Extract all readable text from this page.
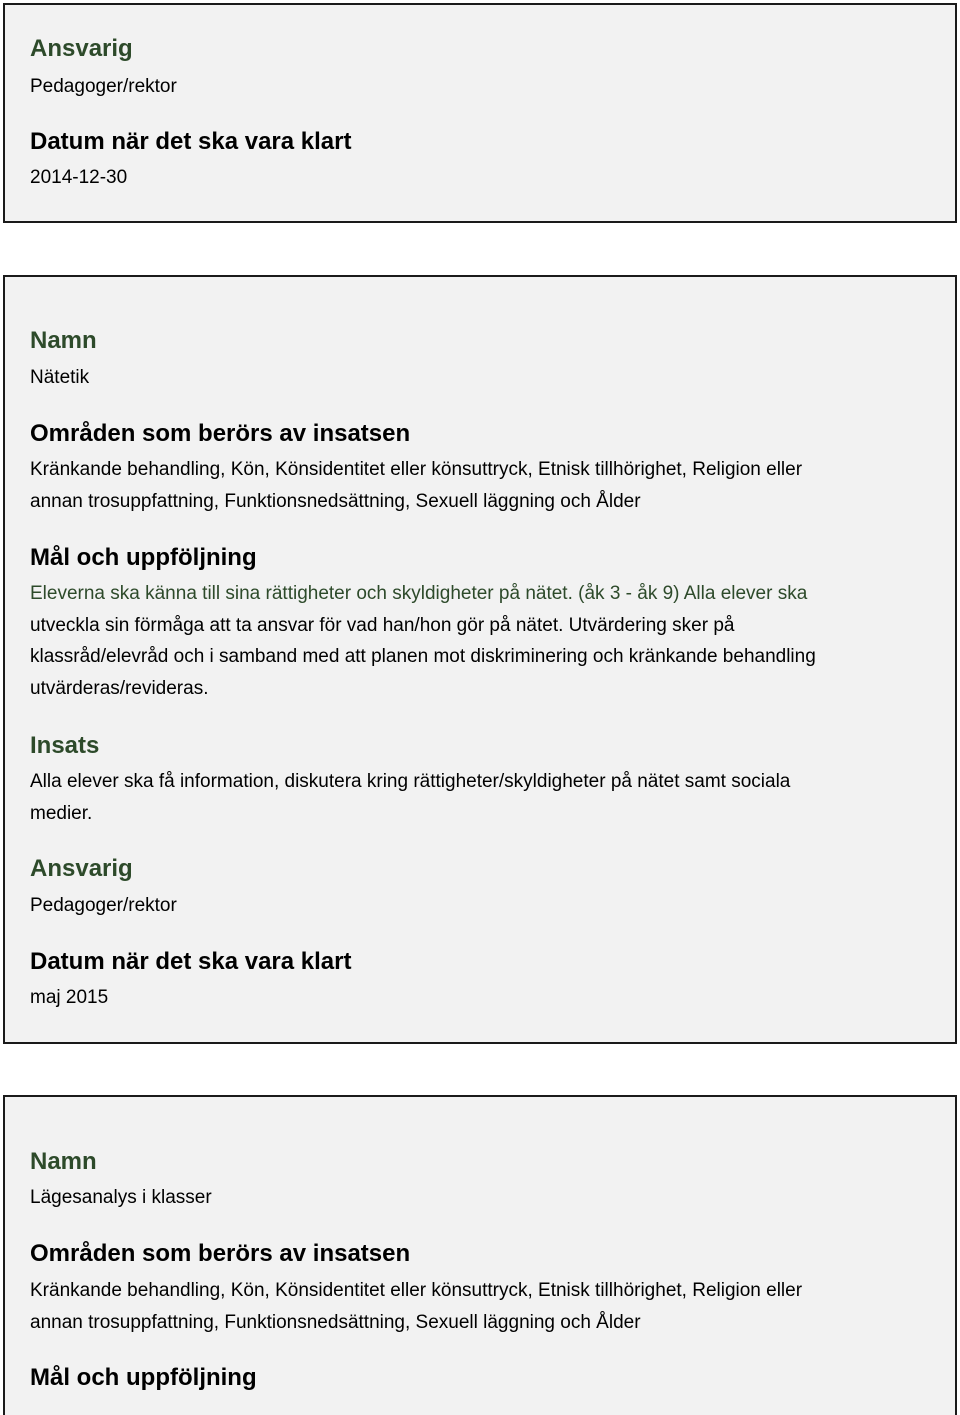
Ansvarig
Pedagoger/rektor
Datum när det ska vara klart
2014-12-30
Namn
Nätetik
Områden som berörs av insatsen
Kränkande behandling, Kön, Könsidentitet eller könsuttryck, Etnisk tillhörighet, Religion eller
annan trosuppfattning, Funktionsnedsättning, Sexuell läggning och Ålder
Mål och uppföljning
Eleverna ska känna till sina rättigheter och skyldigheter på nätet. (åk 3 - åk 9) Alla elever ska
utveckla sin förmåga att ta ansvar för vad han/hon gör på nätet. Utvärdering sker på
klassråd/elevråd och i samband med att planen mot diskriminering och kränkande behandling
utvärderas/revideras.
Insats
Alla elever ska få information, diskutera kring rättigheter/skyldigheter på nätet samt sociala
medier.
Ansvarig
Pedagoger/rektor
Datum när det ska vara klart
maj 2015
Namn
Lägesanalys i klasser
Områden som berörs av insatsen
Kränkande behandling, Kön, Könsidentitet eller könsuttryck, Etnisk tillhörighet, Religion eller
annan trosuppfattning, Funktionsnedsättning, Sexuell läggning och Ålder
Mål och uppföljning
